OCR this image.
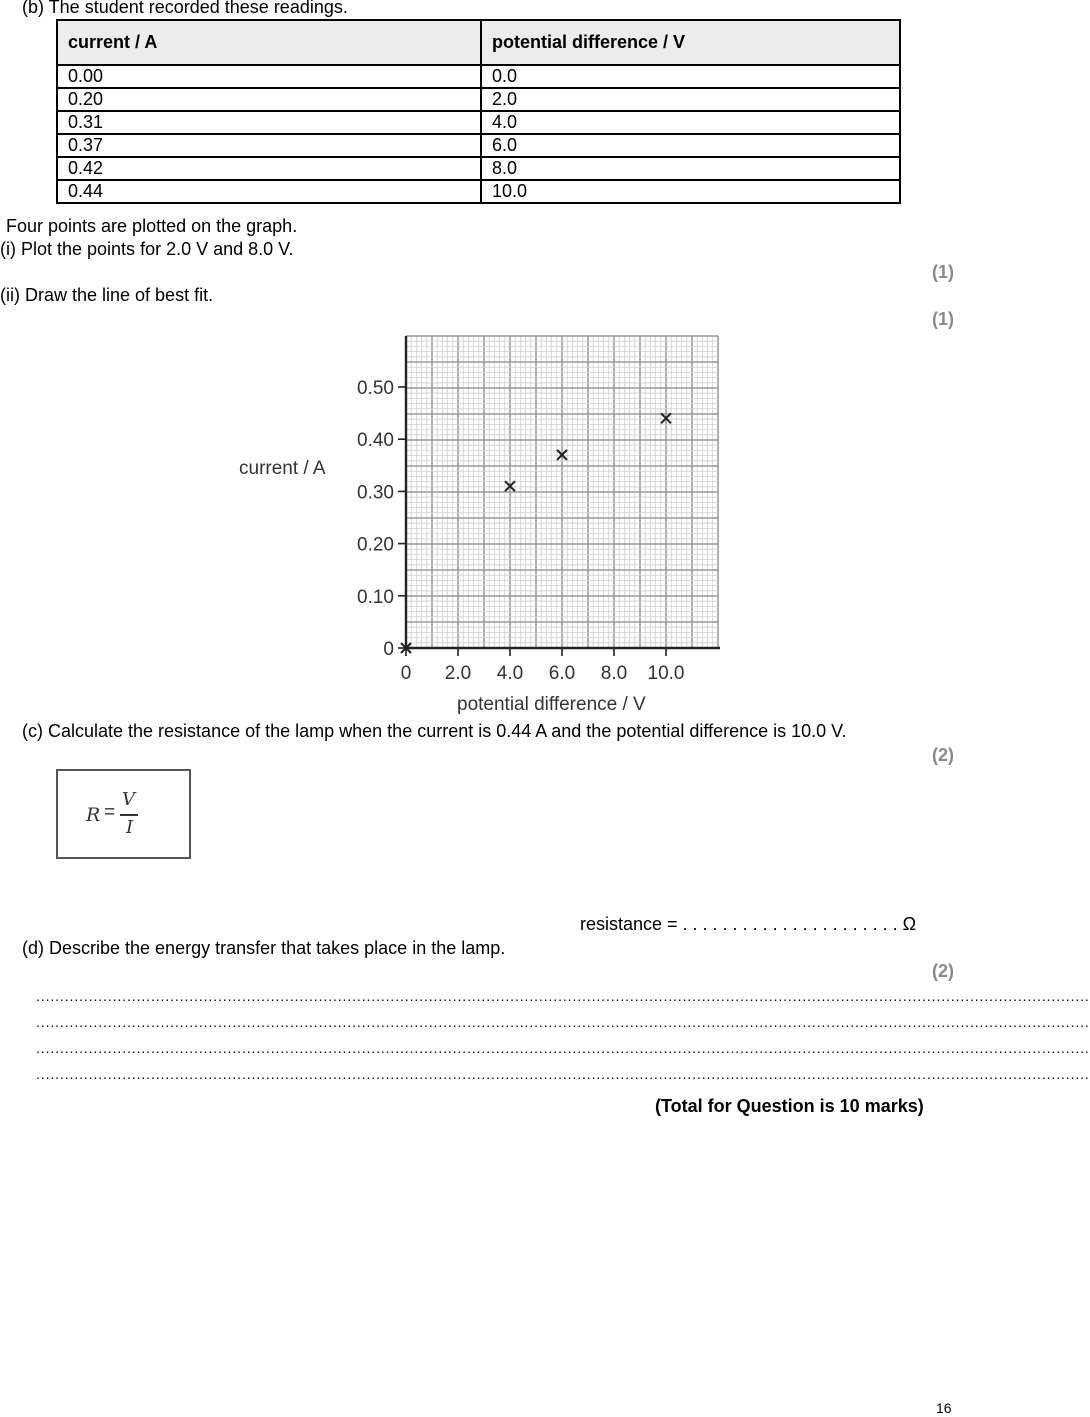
(b) The student recorded these readings.
current / A	potential difference / V
0.00	0.0
0.20	2.0
0.31	4.0
0.37	6.0
0.42	8.0
0.44	10.0
Four points are plotted on the graph.
(i) Plot the points for 2.0 V and 8.0 V.
(1)
(ii) Draw the line of best fit.
(1)
0
0.10
0.20
0.30
0.40
0.50
0 2.0 4.0 6.0 8.0 10.0
current / A
potential difference / V
(c) Calculate the resistance of the lamp when the current is 0.44 A and the potential difference is 10.0 V.
(2)
R =
V
I
resistance = . . . . . . . . . . . . . . . . . . . . . . Ω
(d) Describe the energy transfer that takes place in the lamp.
(2)
............................................................................................................................................................................................................................
............................................................................................................................................................................................................................
............................................................................................................................................................................................................................
............................................................................................................................................................................................................................
(Total for Question is 10 marks)
16
